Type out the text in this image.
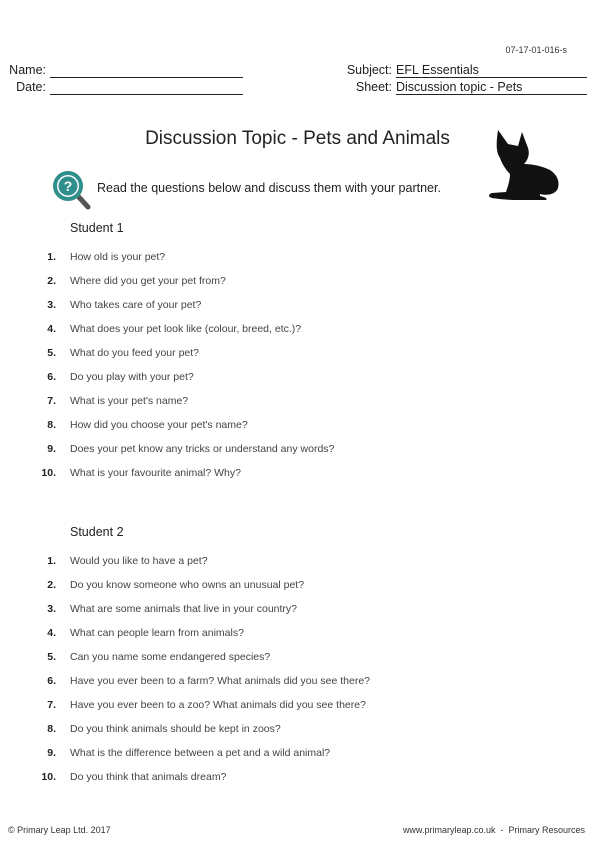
07-17-01-016-s
Name:
Date:
Subject: EFL Essentials
Sheet: Discussion topic - Pets
Discussion Topic - Pets and Animals
? Read the questions below and discuss them with your partner.
Student 1
1. How old is your pet?
2. Where did you get your pet from?
3. Who takes care of your pet?
4. What does your pet look like (colour, breed, etc.)?
5. What do you feed your pet?
6. Do you play with your pet?
7. What is your pet's name?
8. How did you choose your pet's name?
9. Does your pet know any tricks or understand any words?
10. What is your favourite animal? Why?
Student 2
1. Would you like to have a pet?
2. Do you know someone who owns an unusual pet?
3. What are some animals that live in your country?
4. What can people learn from animals?
5. Can you name some endangered species?
6. Have you ever been to a farm? What animals did you see there?
7. Have you ever been to a zoo? What animals did you see there?
8. Do you think animals should be kept in zoos?
9. What is the difference between a pet and a wild animal?
10. Do you think that animals dream?
© Primary Leap Ltd. 2017	www.primaryleap.co.uk  -  Primary Resources
